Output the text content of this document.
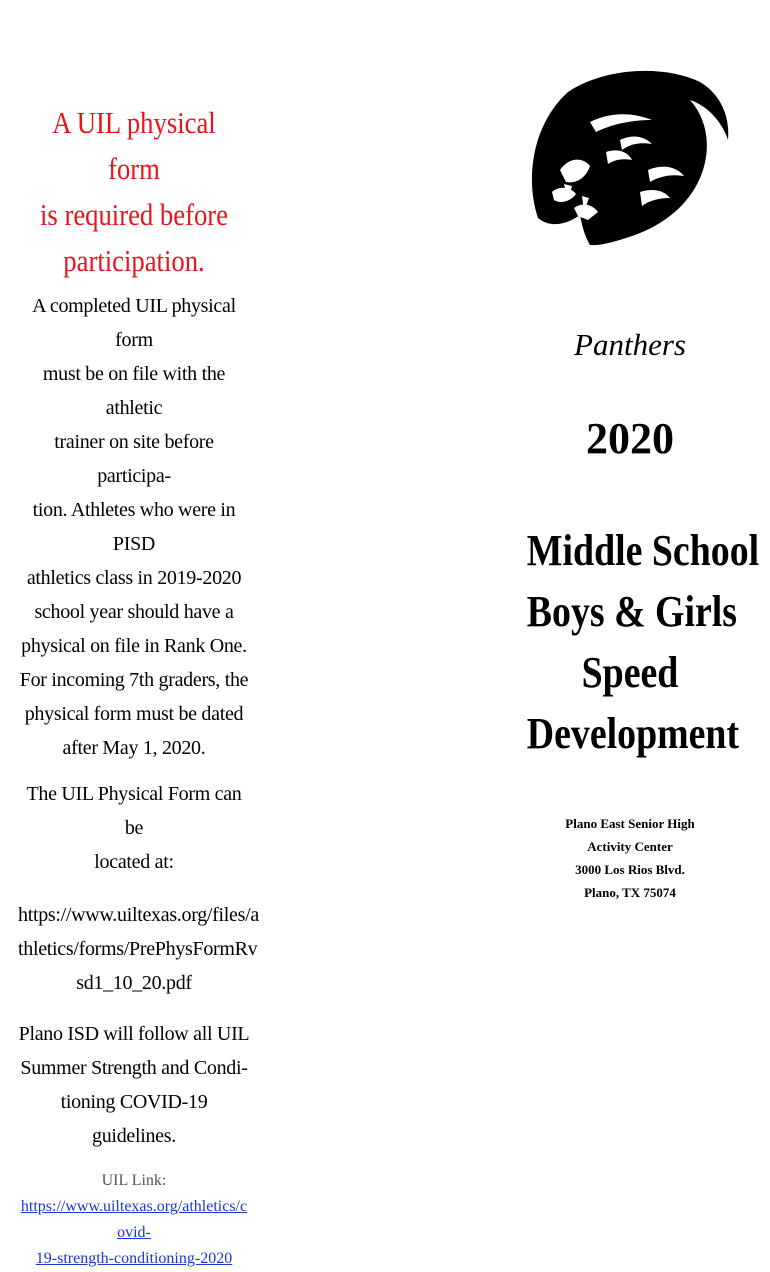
A UIL physical form
is required before
participation.
A completed UIL physical form
must be on file with the athletic
trainer on site before participa-
tion. Athletes who were in PISD
athletics class in 2019-2020
school year should have a
physical on file in Rank One.
For incoming 7th graders, the
physical form must be dated
after May 1, 2020.
The UIL Physical Form can be
located at:
https://www.uiltexas.org/files/a
thletics/forms/PrePhysFormRv
sd1_10_20.pdf
Plano ISD will follow all UIL
Summer Strength and Condi-
tioning COVID-19 guidelines.
UIL Link:
https://www.uiltexas.org/athletics/covid-
19-strength-conditioning-2020
Panthers
2020
Middle School
Boys & Girls
Speed
Development
Plano East Senior High
Activity Center
3000 Los Rios Blvd.
Plano, TX 75074
